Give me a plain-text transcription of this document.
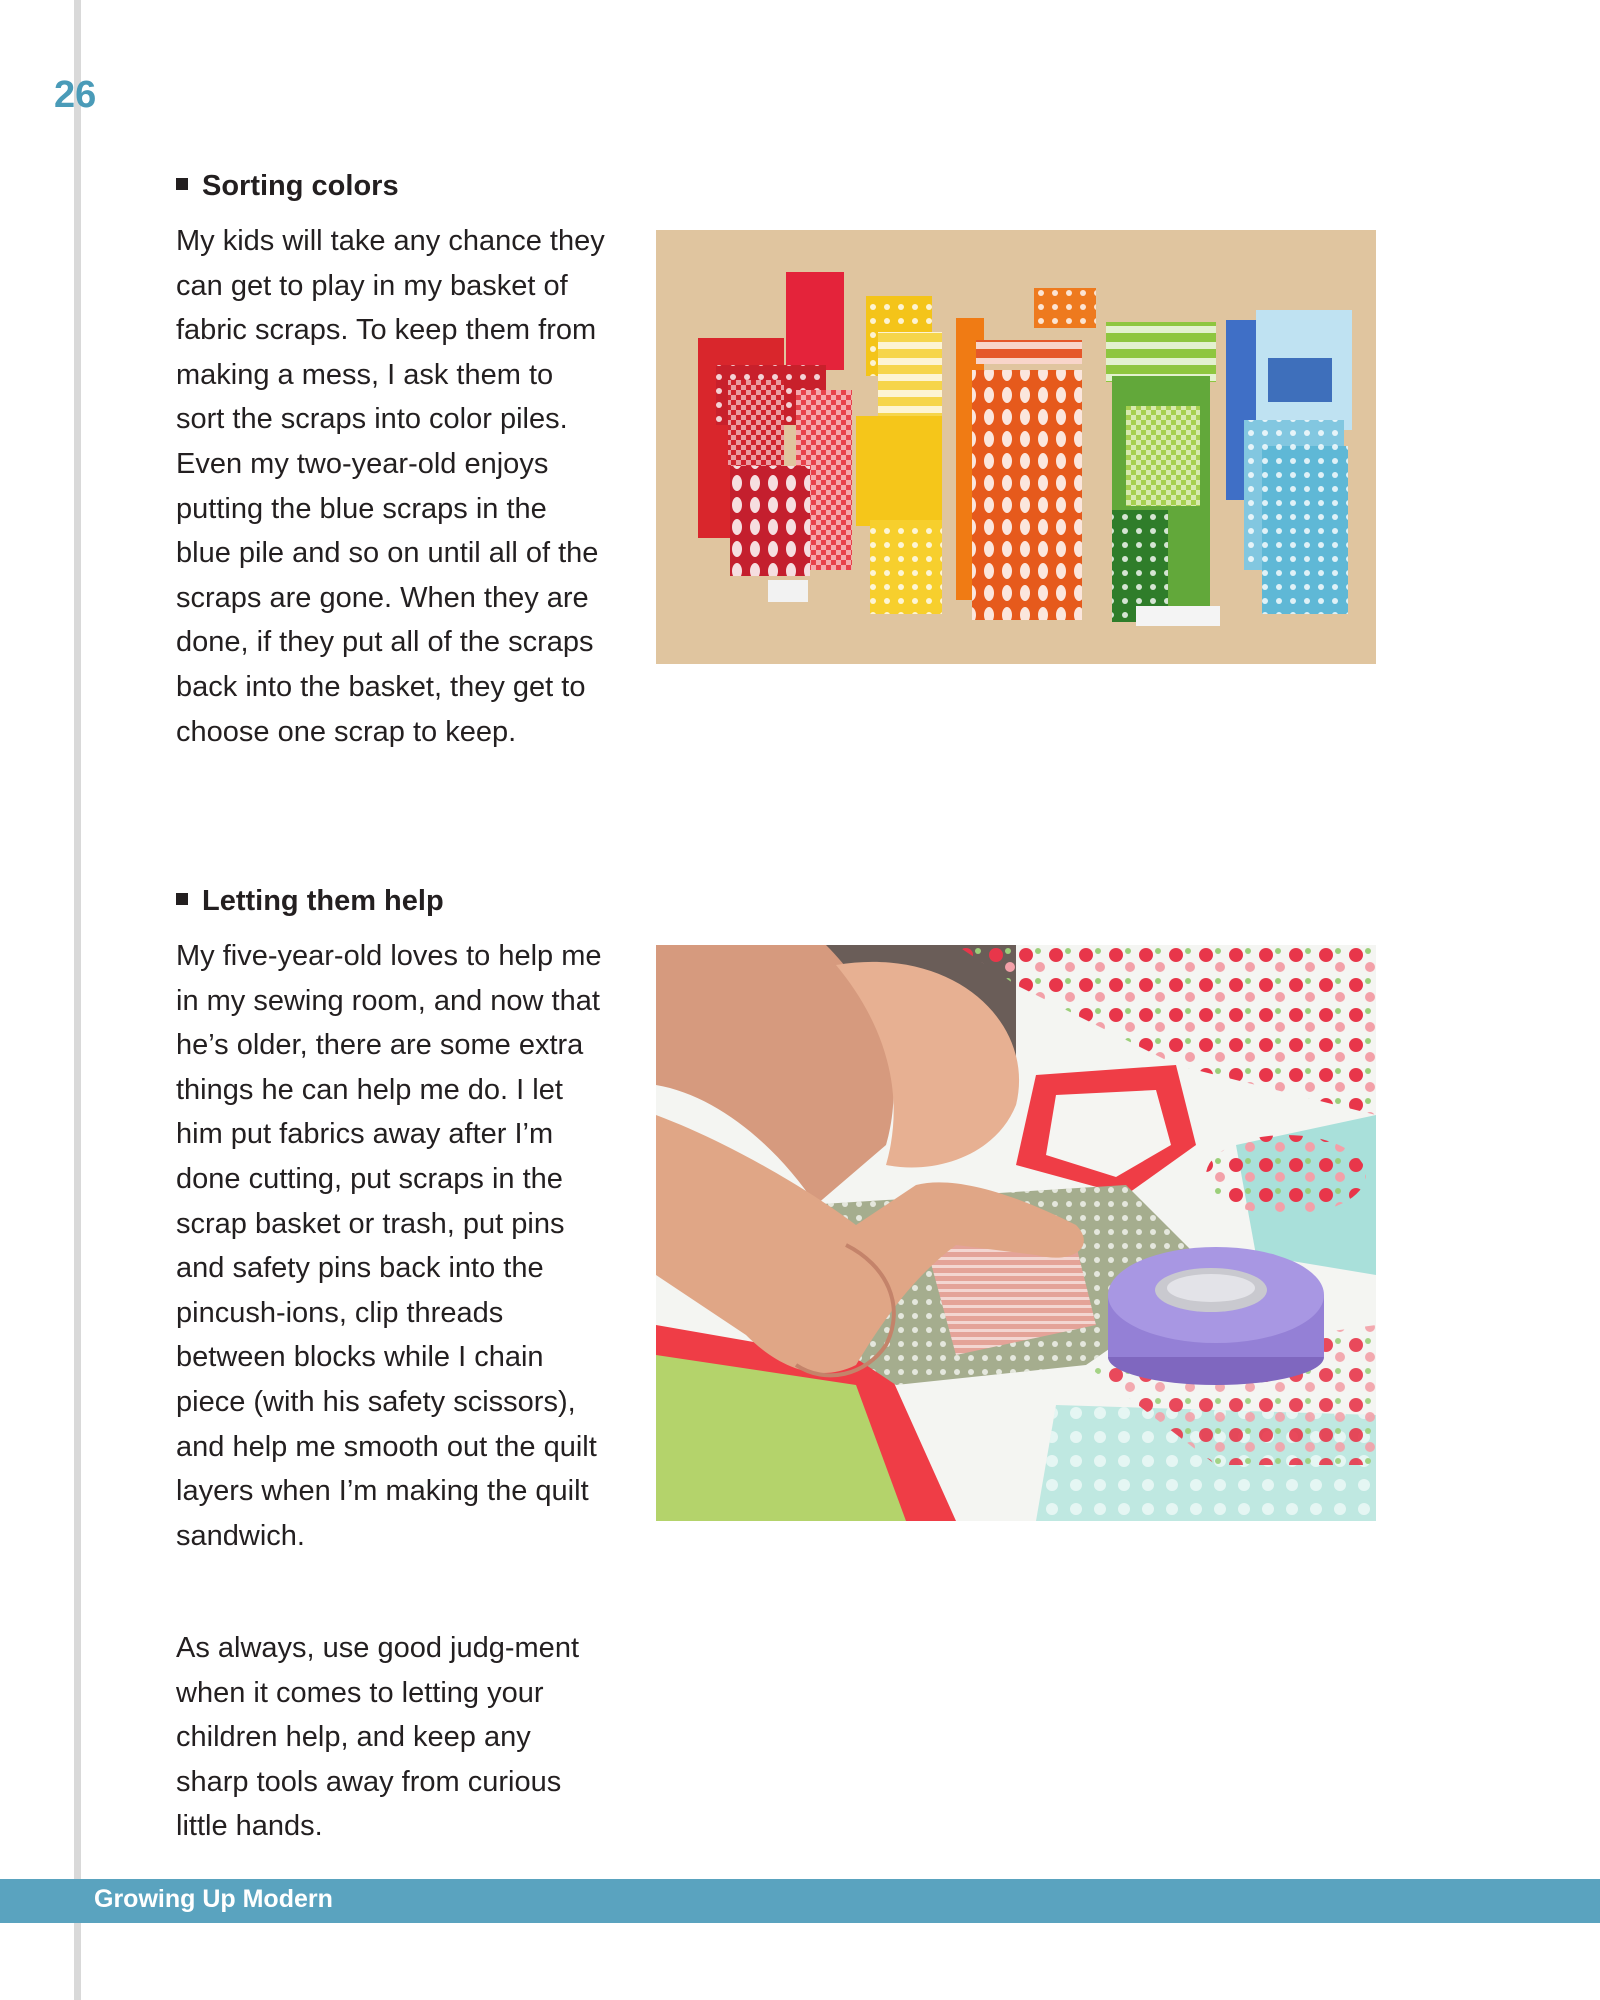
26
Sorting colors

My kids will take any chance they can get to play in my basket of fabric scraps. To keep them from making a mess, I ask them to sort the scraps into color piles. Even my two-year-old enjoys putting the blue scraps in the blue pile and so on until all of the scraps are gone. When they are done, if they put all of the scraps back into the basket, they get to choose one scrap to keep.

Letting them help

My five-year-old loves to help me in my sewing room, and now that he’s older, there are some extra things he can help me do. I let him put fabrics away after I’m done cutting, put scraps in the scrap basket or trash, put pins and safety pins back into the pincush-ions, clip threads between blocks while I chain piece (with his safety scissors), and help me smooth out the quilt layers when I’m making the quilt sandwich.

As always, use good judg-ment when it comes to letting your children help, and keep any sharp tools away from curious little hands.

Growing Up Modern
